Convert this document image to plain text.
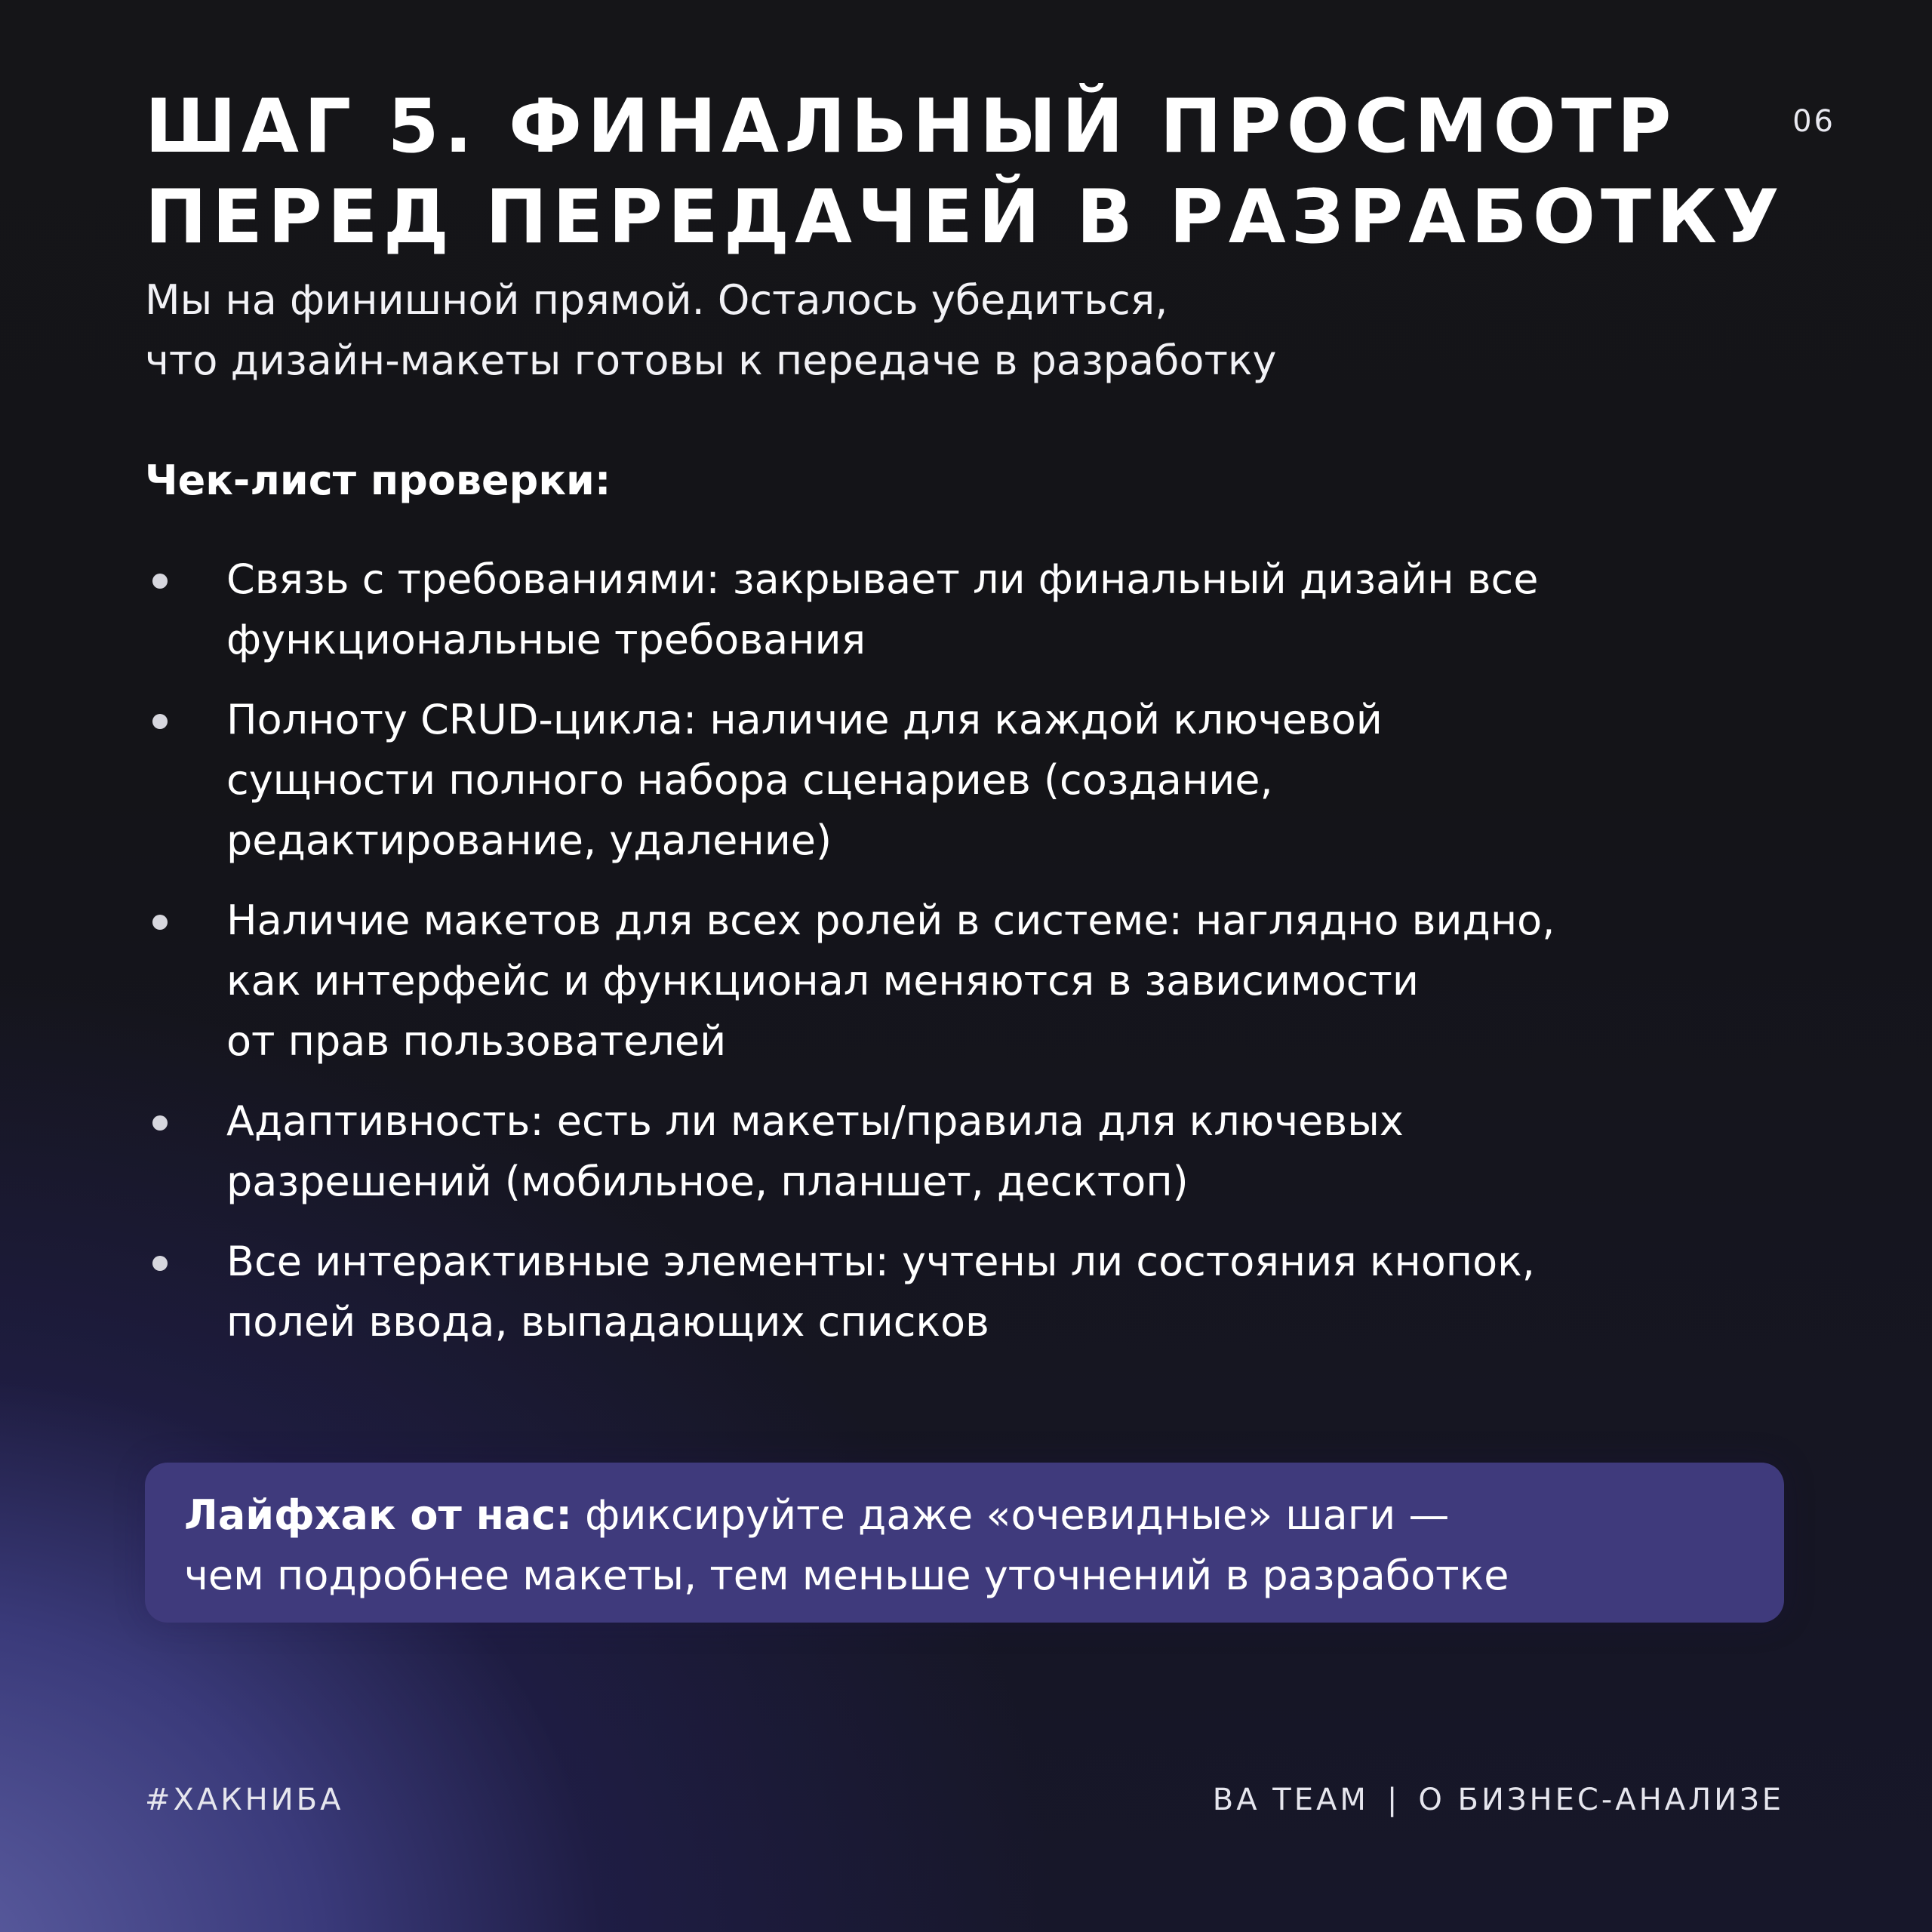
06
ШАГ 5. ФИНАЛЬНЫЙ ПРОСМОТР
ПЕРЕД ПЕРЕДАЧЕЙ В РАЗРАБОТКУ
Мы на финишной прямой. Осталось убедиться,
что дизайн-макеты готовы к передаче в разработку
Чек-лист проверки:
Связь с требованиями: закрывает ли финальный дизайн все
функциональные требования
Полноту CRUD-цикла: наличие для каждой ключевой
сущности полного набора сценариев (создание,
редактирование, удаление)
Наличие макетов для всех ролей в системе: наглядно видно,
как интерфейс и функционал меняются в зависимости
от прав пользователей
Адаптивность: есть ли макеты/правила для ключевых
разрешений (мобильное, планшет, десктоп)
Все интерактивные элементы: учтены ли состояния кнопок,
полей ввода, выпадающих списков
Лайфхак от нас: фиксируйте даже «очевидные» шаги —
чем подробнее макеты, тем меньше уточнений в разработке
#ХАКНИБА	BA TEAM | О БИЗНЕС-АНАЛИЗЕ
